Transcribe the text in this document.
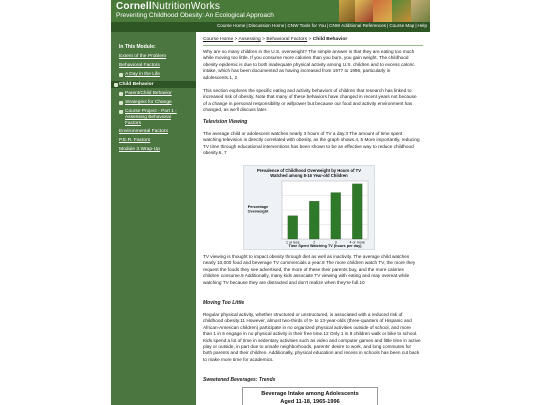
CornellNutritionWorks
Preventing Childhood Obesity: An Ecological Approach
Course Home|Discussion Home|CNW Tools for You|CNW Additional References|Course Map|Help
In This Module:
Extent of the Problem
Behavioral Factors
A Day in the Life
Child Behavior
Parent/Child Behavior
Strategies for Change
Course Project - Part 1 - Assessing Behavioral Factors
Environmental Factors
P.E.R. Factors
Module 3 Wrap-Up
Course Home > Assessing > Behavioral Factors > Child Behavior

Why are so many children in the U.S. overweight? The simple answer is that they are eating too much while moving too little. If you consume more calories than you burn, you gain weight. The childhood obesity epidemic is due to both inadequate physical activity among U.S. children and to excess caloric intake, which has been documented as having increased from 1977 to 1996, particularly in adolescents.1, 2

This section explores the specific eating and activity behaviors of children that research has linked to increased risk of obesity. Note that many of these behaviors have changed in recent years not because of a change in personal responsibility or willpower but because our food and activity environment has changed, as we'll discuss later.

Television Viewing

The average child or adolescent watches nearly 3 hours of TV a day.3 The amount of time spent watching television is directly correlated with obesity, as the graph shows.4, 5 More importantly, reducing TV time through educational interventions has been shown to be an effective way to reduce childhood obesity.6, 7

Prevalence of Childhood Overweight by Hours of TV
Watched among 8-16 Year-old Children
Percentage
Overweight
1 or less	2	3	4 or more
Time Spent Watching TV (hours per day)

TV viewing is thought to impact obesity through diet as well as inactivity. The average child watches nearly 10,000 food and beverage TV commercials a year.8 The more children watch TV, the more they request the foods they see advertised, the more of these their parents buy, and the more calories children consume.9 Additionally, many kids associate TV viewing with eating and may overeat while watching TV because they are distracted and don't realize when they're full.10

Moving Too Little

Regular physical activity, whether structured or unstructured, is associated with a reduced risk of childhood obesity.11 However, almost two-thirds of 9- to 13-year-olds (three-quarters of Hispanic and African-American children) participate in no organized physical activities outside of school, and more than 1 in 5 engage in no physical activity in their free time.12 Only 1 in 8 children walk or bike to school. Kids spend a lot of time in sedentary activities such as video and computer games and little time in active play or outside, in part due to unsafe neighborhoods, parents' desire to work, and long commutes for both parents and their children. Additionally, physical education and recess in schools has been cut back to make more time for academics.

Sweetened Beverages: Trends
Beverage Intake among Adolescents
Aged 11-18, 1965-1996
